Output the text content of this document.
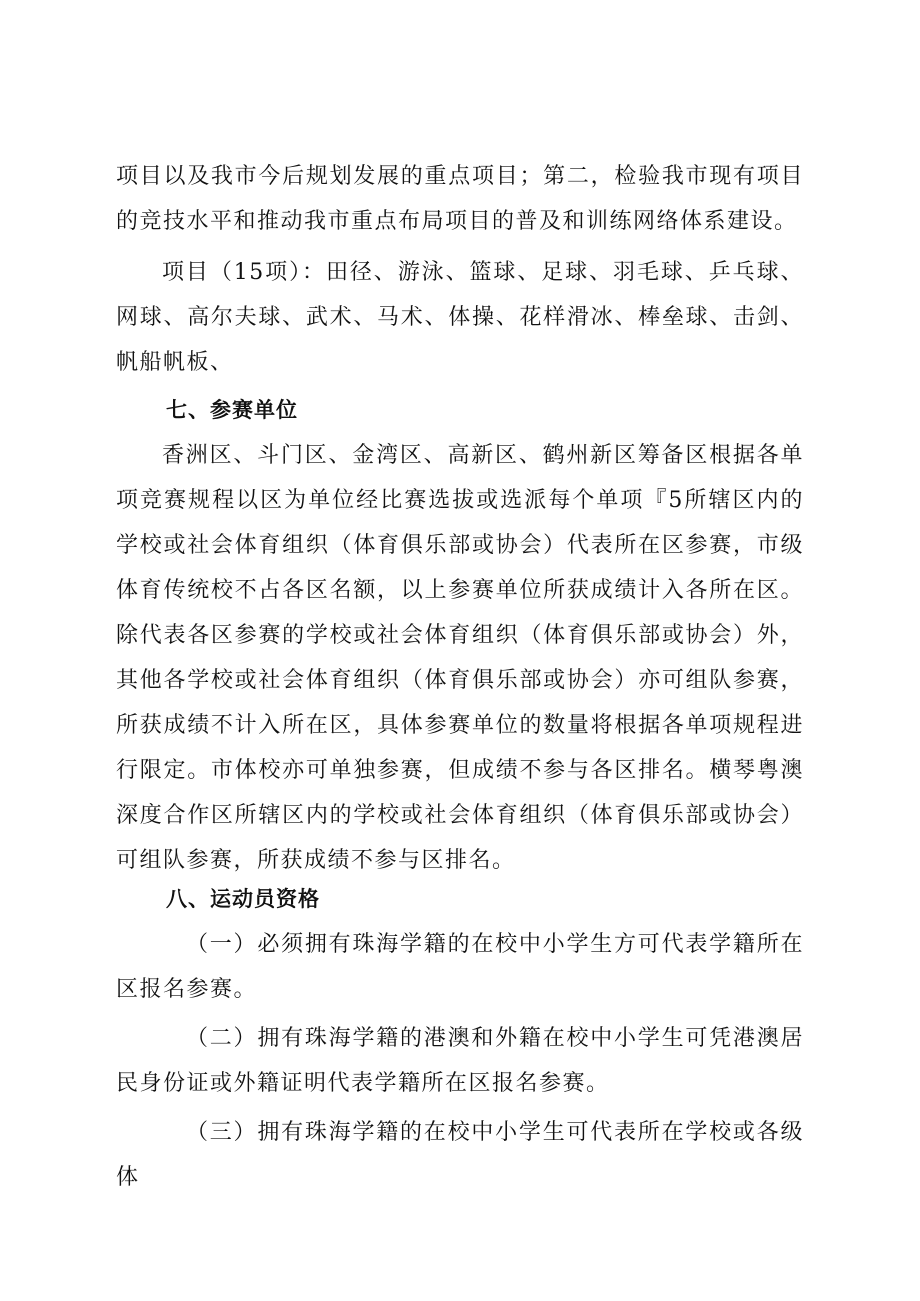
项目以及我市今后规划发展的重点项目；第二，检验我市现有项目的竞技水平和推动我市重点布局项目的普及和训练网络体系建设。

项目（15项）：田径、游泳、篮球、足球、羽毛球、乒乓球、网球、高尔夫球、武术、马术、体操、花样滑冰、棒垒球、击剑、帆船帆板、

七、参赛单位

香洲区、斗门区、金湾区、高新区、鹤州新区筹备区根据各单项竞赛规程以区为单位经比赛选拔或选派每个单项『5所辖区内的学校或社会体育组织（体育俱乐部或协会）代表所在区参赛，市级体育传统校不占各区名额，以上参赛单位所获成绩计入各所在区。除代表各区参赛的学校或社会体育组织（体育俱乐部或协会）外，其他各学校或社会体育组织（体育俱乐部或协会）亦可组队参赛，所获成绩不计入所在区，具体参赛单位的数量将根据各单项规程进行限定。市体校亦可单独参赛，但成绩不参与各区排名。横琴粤澳深度合作区所辖区内的学校或社会体育组织（体育俱乐部或协会）可组队参赛，所获成绩不参与区排名。

八、运动员资格

（一）必须拥有珠海学籍的在校中小学生方可代表学籍所在区报名参赛。

（二）拥有珠海学籍的港澳和外籍在校中小学生可凭港澳居民身份证或外籍证明代表学籍所在区报名参赛。

（三）拥有珠海学籍的在校中小学生可代表所在学校或各级体
